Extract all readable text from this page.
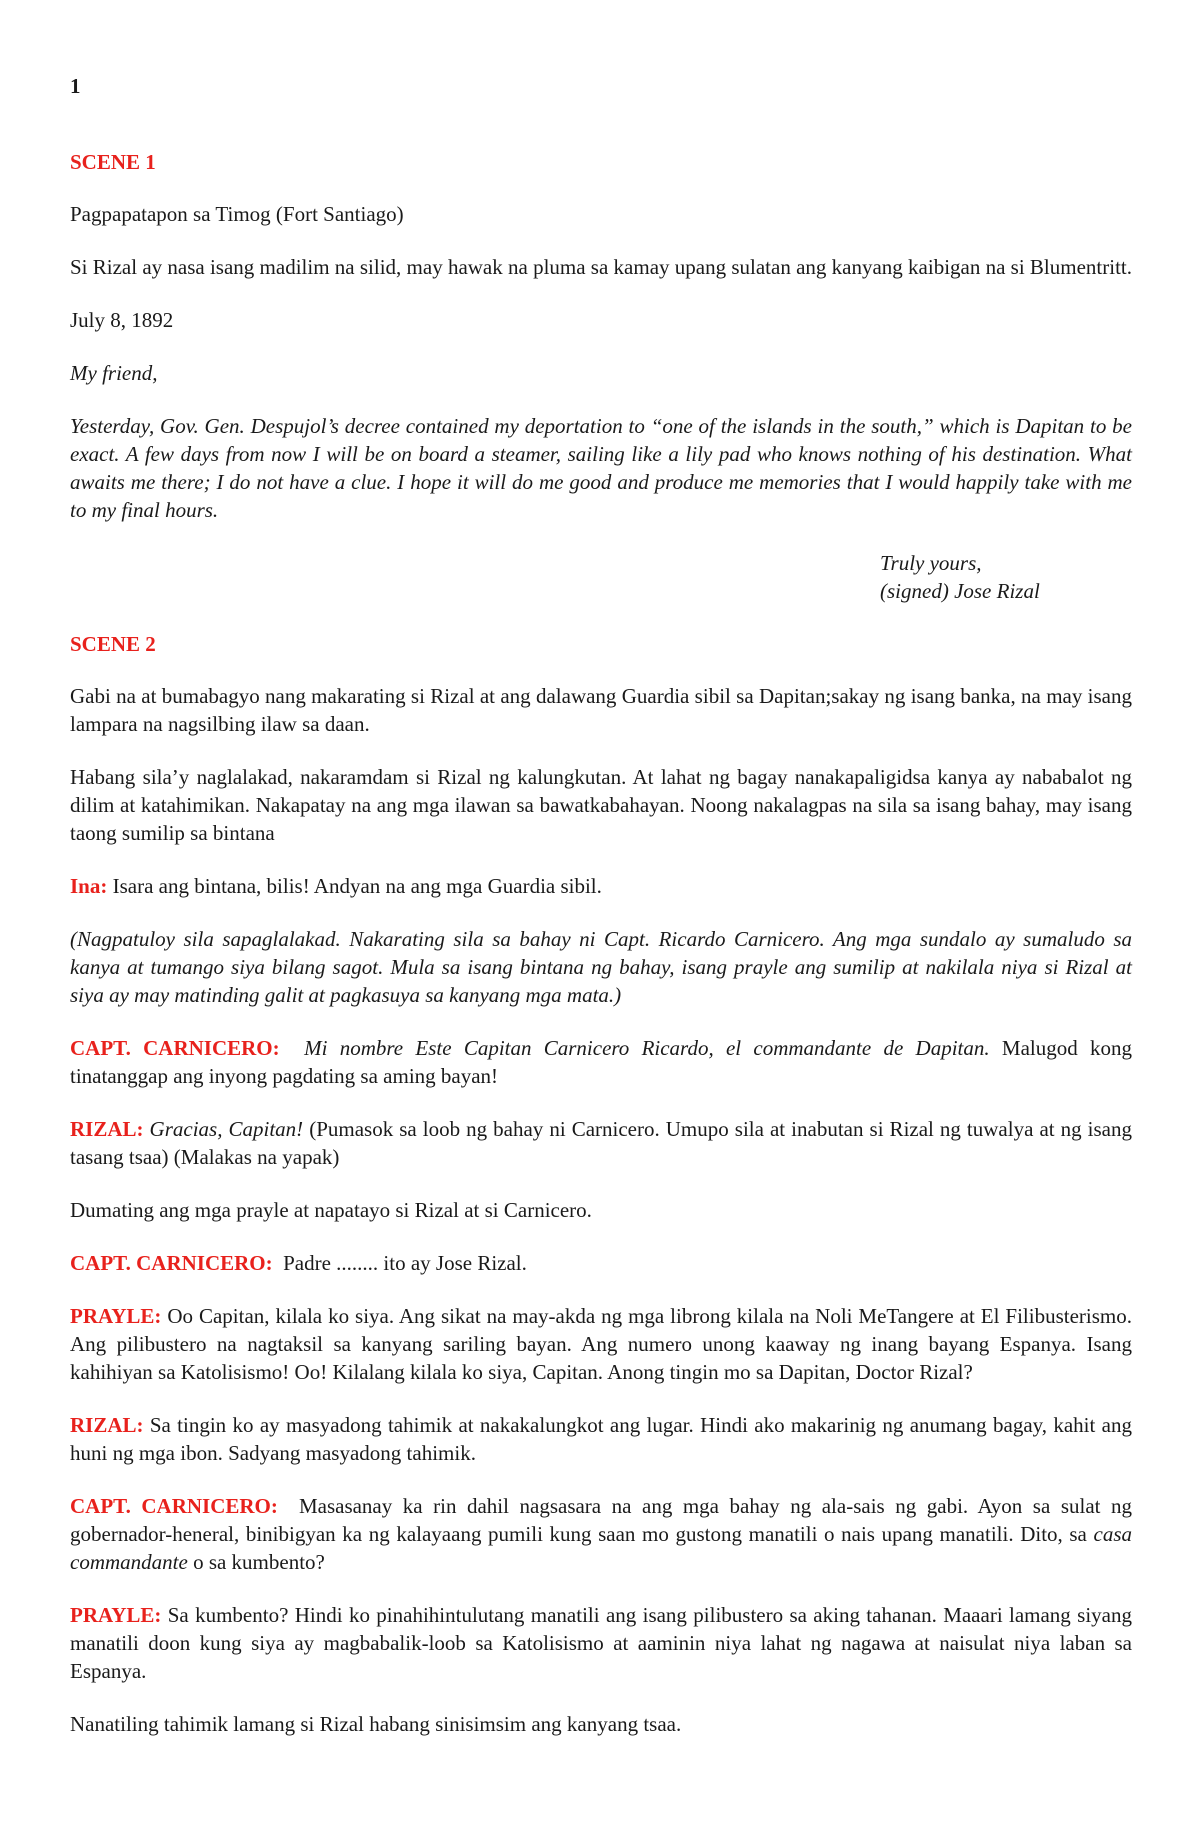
1
SCENE 1

Pagpapatapon sa Timog (Fort Santiago)

Si Rizal ay nasa isang madilim na silid, may hawak na pluma sa kamay upang sulatan ang kanyang kaibigan na si Blumentritt.

July 8, 1892

My friend,

Yesterday, Gov. Gen. Despujol’s decree contained my deportation to “one of the islands in the south,” which is Dapitan to be exact. A few days from now I will be on board a steamer, sailing like a lily pad who knows nothing of his destination. What awaits me there; I do not have a clue. I hope it will do me good and produce me memories that I would happily take with me to my final hours.

Truly yours,
(signed) Jose Rizal
SCENE 2

Gabi na at bumabagyo nang makarating si Rizal at ang dalawang Guardia sibil sa Dapitan;sakay ng isang banka, na may isang lampara na nagsilbing ilaw sa daan.

Habang sila’y naglalakad, nakaramdam si Rizal ng kalungkutan. At lahat ng bagay nanakapaligidsa kanya ay nababalot ng dilim at katahimikan. Nakapatay na ang mga ilawan sa bawatkabahayan. Noong nakalagpas na sila sa isang bahay, may isang taong sumilip sa bintana

Ina: Isara ang bintana, bilis! Andyan na ang mga Guardia sibil.

(Nagpatuloy sila sapaglalakad. Nakarating sila sa bahay ni Capt. Ricardo Carnicero. Ang mga sundalo ay sumaludo sa kanya at tumango siya bilang sagot. Mula sa isang bintana ng bahay, isang prayle ang sumilip at nakilala niya si Rizal at siya ay may matinding galit at pagkasuya sa kanyang mga mata.)

CAPT. CARNICERO: Mi nombre Este Capitan Carnicero Ricardo, el commandante de Dapitan. Malugod kong tinatanggap ang inyong pagdating sa aming bayan!

RIZAL: Gracias, Capitan! (Pumasok sa loob ng bahay ni Carnicero. Umupo sila at inabutan si Rizal ng tuwalya at ng isang tasang tsaa) (Malakas na yapak)

Dumating ang mga prayle at napatayo si Rizal at si Carnicero.

CAPT. CARNICERO: Padre ........ ito ay Jose Rizal.

PRAYLE: Oo Capitan, kilala ko siya. Ang sikat na may-akda ng mga librong kilala na Noli MeTangere at El Filibusterismo. Ang pilibustero na nagtaksil sa kanyang sariling bayan. Ang numero unong kaaway ng inang bayang Espanya. Isang kahihiyan sa Katolisismo! Oo! Kilalang kilala ko siya, Capitan. Anong tingin mo sa Dapitan, Doctor Rizal?

RIZAL: Sa tingin ko ay masyadong tahimik at nakakalungkot ang lugar. Hindi ako makarinig ng anumang bagay, kahit ang huni ng mga ibon. Sadyang masyadong tahimik.

CAPT. CARNICERO: Masasanay ka rin dahil nagsasara na ang mga bahay ng ala-sais ng gabi. Ayon sa sulat ng gobernador-heneral, binibigyan ka ng kalayaang pumili kung saan mo gustong manatili o nais upang manatili. Dito, sa casa commandante o sa kumbento?

PRAYLE: Sa kumbento? Hindi ko pinahihintulutang manatili ang isang pilibustero sa aking tahanan. Maaari lamang siyang manatili doon kung siya ay magbabalik-loob sa Katolisismo at aaminin niya lahat ng nagawa at naisulat niya laban sa Espanya.

Nanatiling tahimik lamang si Rizal habang sinisimsim ang kanyang tsaa.
